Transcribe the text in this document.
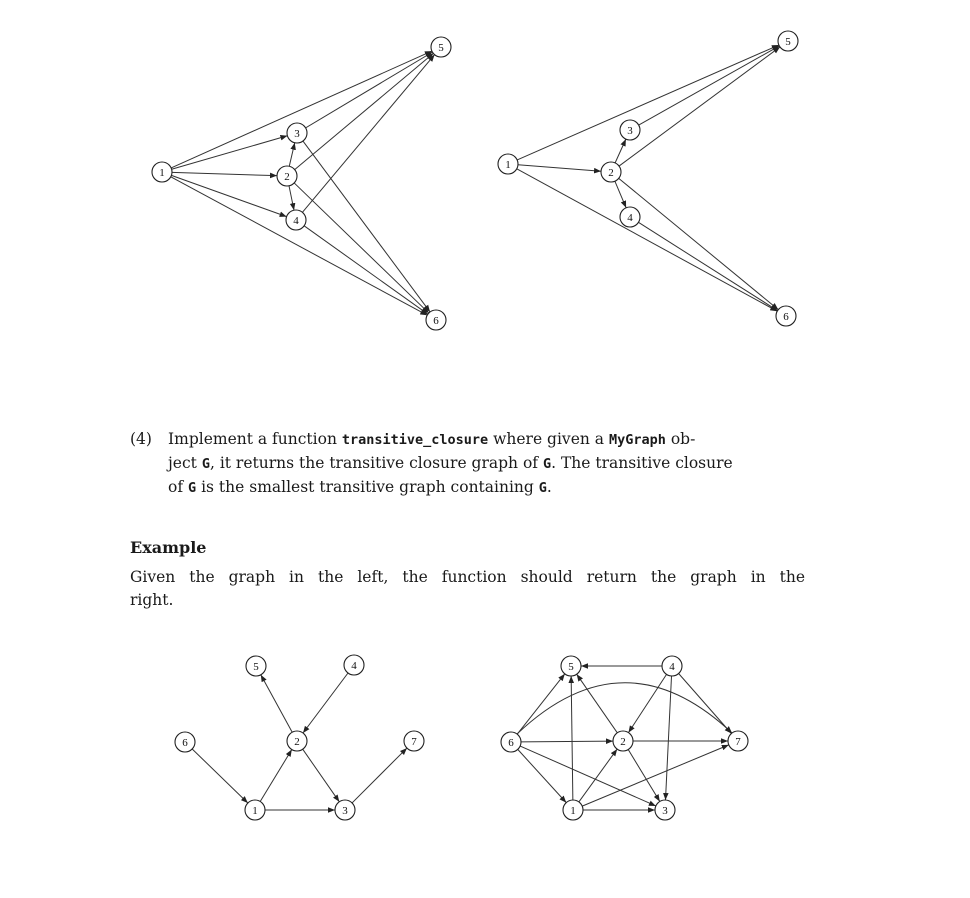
1	2
3
4
5
6
1
2
3
4
5
6
1
2
3
4
5
6	7
1
2
3
4
5
6	7
(4) Implement a function transitive_closure where given a MyGraph ob-
ject G, it returns the transitive closure graph of G. The transitive closure
of G is the smallest transitive graph containing G.
Example
Given the graph in the left, the function should return the graph in the
right.
